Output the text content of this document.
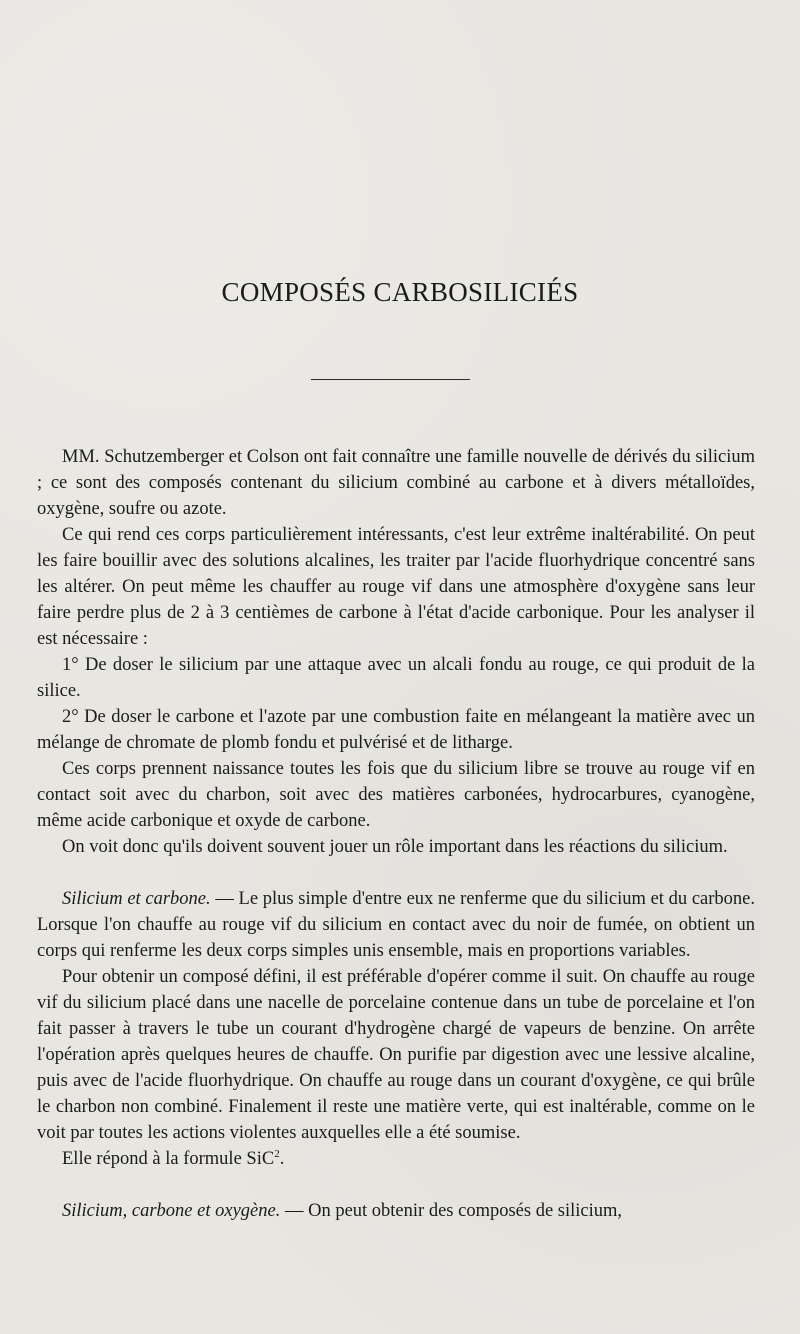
COMPOSÉS CARBOSILICIÉS

MM. Schutzemberger et Colson ont fait connaître une famille nouvelle de dérivés du silicium ; ce sont des composés contenant du silicium combiné au carbone et à divers métalloïdes, oxygène, soufre ou azote.

Ce qui rend ces corps particulièrement intéressants, c'est leur extrême inaltérabilité. On peut les faire bouillir avec des solutions alcalines, les traiter par l'acide fluorhydrique concentré sans les altérer. On peut même les chauffer au rouge vif dans une atmosphère d'oxygène sans leur faire perdre plus de 2 à 3 centièmes de carbone à l'état d'acide carbonique. Pour les analyser il est nécessaire :

1° De doser le silicium par une attaque avec un alcali fondu au rouge, ce qui produit de la silice.

2° De doser le carbone et l'azote par une combustion faite en mélangeant la matière avec un mélange de chromate de plomb fondu et pulvérisé et de litharge.

Ces corps prennent naissance toutes les fois que du silicium libre se trouve au rouge vif en contact soit avec du charbon, soit avec des matières carbonées, hydrocarbures, cyanogène, même acide carbonique et oxyde de carbone.

On voit donc qu'ils doivent souvent jouer un rôle important dans les réactions du silicium.

Silicium et carbone. — Le plus simple d'entre eux ne renferme que du silicium et du carbone. Lorsque l'on chauffe au rouge vif du silicium en contact avec du noir de fumée, on obtient un corps qui renferme les deux corps simples unis ensemble, mais en proportions variables.

Pour obtenir un composé défini, il est préférable d'opérer comme il suit. On chauffe au rouge vif du silicium placé dans une nacelle de porcelaine contenue dans un tube de porcelaine et l'on fait passer à travers le tube un courant d'hydrogène chargé de vapeurs de benzine. On arrête l'opération après quelques heures de chauffe. On purifie par digestion avec une lessive alcaline, puis avec de l'acide fluorhydrique. On chauffe au rouge dans un courant d'oxygène, ce qui brûle le charbon non combiné. Finalement il reste une matière verte, qui est inaltérable, comme on le voit par toutes les actions violentes auxquelles elle a été soumise.

Elle répond à la formule SiC$^2$.

Silicium, carbone et oxygène. — On peut obtenir des composés de silicium,
